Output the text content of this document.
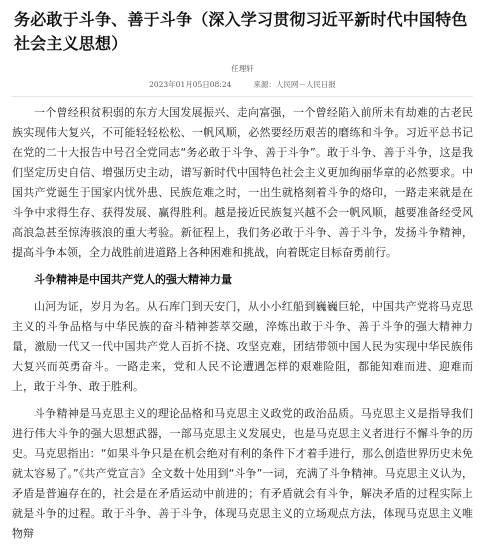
务必敢于斗争、善于斗争（深入学习贯彻习近平新时代中国特色社会主义思想）
任理轩
2023年01月05日08:24	来源：人民网－人民日报

一个曾经积贫积弱的东方大国发展振兴、走向富强，一个曾经陷入前所未有劫难的古老民族实现伟大复兴，不可能轻轻松松、一帆风顺，必然要经历艰苦的磨练和斗争。习近平总书记在党的二十大报告中号召全党同志“务必敢于斗争、善于斗争”。敢于斗争、善于斗争，这是我们坚定历史自信、增强历史主动，谱写新时代中国特色社会主义更加绚丽华章的必然要求。中国共产党诞生于国家内忧外患、民族危难之时，一出生就格刻着斗争的烙印，一路走来就是在斗争中求得生存、获得发展、赢得胜利。越是接近民族复兴越不会一帆风顺，越要准备经受风高浪急甚至惊涛骇浪的重大考验。新征程上，我们务必敢于斗争、善于斗争，发扬斗争精神，提高斗争本领，全力战胜前进道路上各种困难和挑战，向着既定目标奋勇前行。

斗争精神是中国共产党人的强大精神力量

山河为证，岁月为名。从石库门到天安门，从小小红船到巍巍巨轮，中国共产党将马克思主义的斗争品格与中华民族的奋斗精神荟萃交融，淬炼出敢于斗争、善于斗争的强大精神力量，激励一代又一代中国共产党人百折不挠、攻坚克难，团结带领中国人民为实现中华民族伟大复兴而英勇奋斗。一路走来，党和人民不论遭遇怎样的艰难险阻，都能知难而进、迎难而上，敢于斗争、敢于胜利。

斗争精神是马克思主义的理论品格和马克思主义政党的政治品质。马克思主义是指导我们进行伟大斗争的强大思想武器，一部马克思主义发展史，也是马克思主义者进行不懈斗争的历史。马克思指出：“如果斗争只是在机会绝对有利的条件下才着手进行，那么创造世界历史未免就太容易了。”《共产党宣言》全文数十处用到“斗争”一词，充满了斗争精神。马克思主义认为，矛盾是普遍存在的，社会是在矛盾运动中前进的；有矛盾就会有斗争，解决矛盾的过程实际上就是斗争的过程。敢于斗争、善于斗争，体现马克思主义的立场观点方法，体现马克思主义唯物辩
